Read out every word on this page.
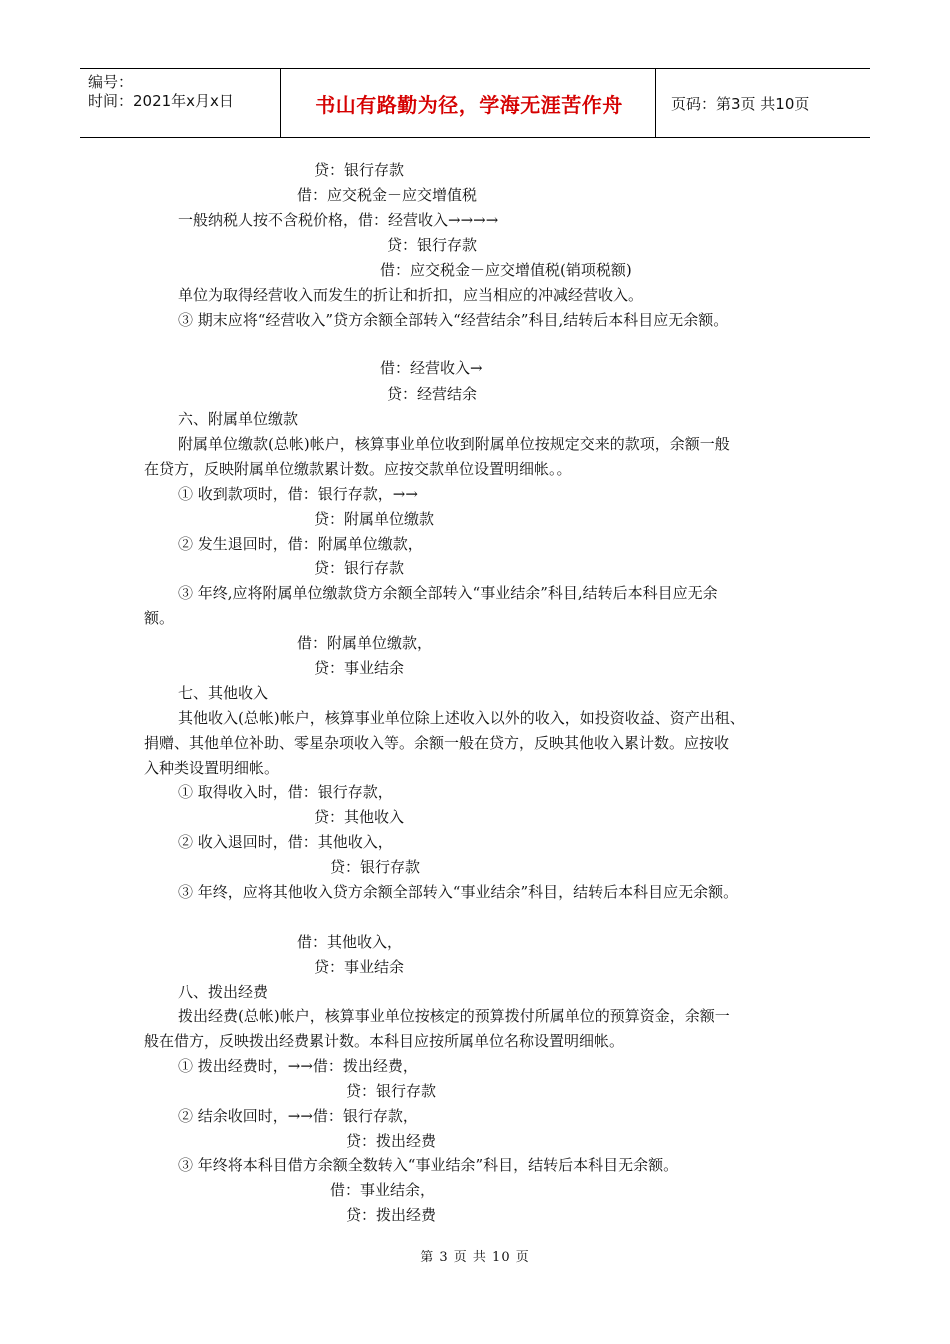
编号：
时间：2021年x月x日	书山有路勤为径，学海无涯苦作舟	页码：第3页 共10页
贷：银行存款
借：应交税金－应交增值税
一般纳税人按不含税价格，借：经营收入→→→→
贷：银行存款
借：应交税金－应交增值税(销项税额)
单位为取得经营收入而发生的折让和折扣，应当相应的冲减经营收入。
③ 期末应将“经营收入”贷方余额全部转入“经营结余”科目,结转后本科目应无余额。
借：经营收入→
贷：经营结余
六、附属单位缴款
附属单位缴款(总帐)帐户，核算事业单位收到附属单位按规定交来的款项，余额一般
在贷方，反映附属单位缴款累计数。应按交款单位设置明细帐。。
① 收到款项时，借：银行存款，→→
贷：附属单位缴款
② 发生退回时，借：附属单位缴款，
贷：银行存款
③ 年终,应将附属单位缴款贷方余额全部转入“事业结余”科目,结转后本科目应无余
额。
借：附属单位缴款，
贷：事业结余
七、其他收入
其他收入(总帐)帐户，核算事业单位除上述收入以外的收入，如投资收益、资产出租、
捐赠、其他单位补助、零星杂项收入等。余额一般在贷方，反映其他收入累计数。应按收
入种类设置明细帐。
① 取得收入时，借：银行存款，
贷：其他收入
② 收入退回时，借：其他收入，
贷：银行存款
③ 年终，应将其他收入贷方余额全部转入“事业结余”科目，结转后本科目应无余额。
借：其他收入，
贷：事业结余
八、拨出经费
拨出经费(总帐)帐户，核算事业单位按核定的预算拨付所属单位的预算资金，余额一
般在借方，反映拨出经费累计数。本科目应按所属单位名称设置明细帐。
① 拨出经费时，→→借：拨出经费，
贷：银行存款
② 结余收回时，→→借：银行存款，
贷：拨出经费
③ 年终将本科目借方余额全数转入“事业结余”科目，结转后本科目无余额。
借：事业结余，
贷：拨出经费
第 3 页 共 10 页
